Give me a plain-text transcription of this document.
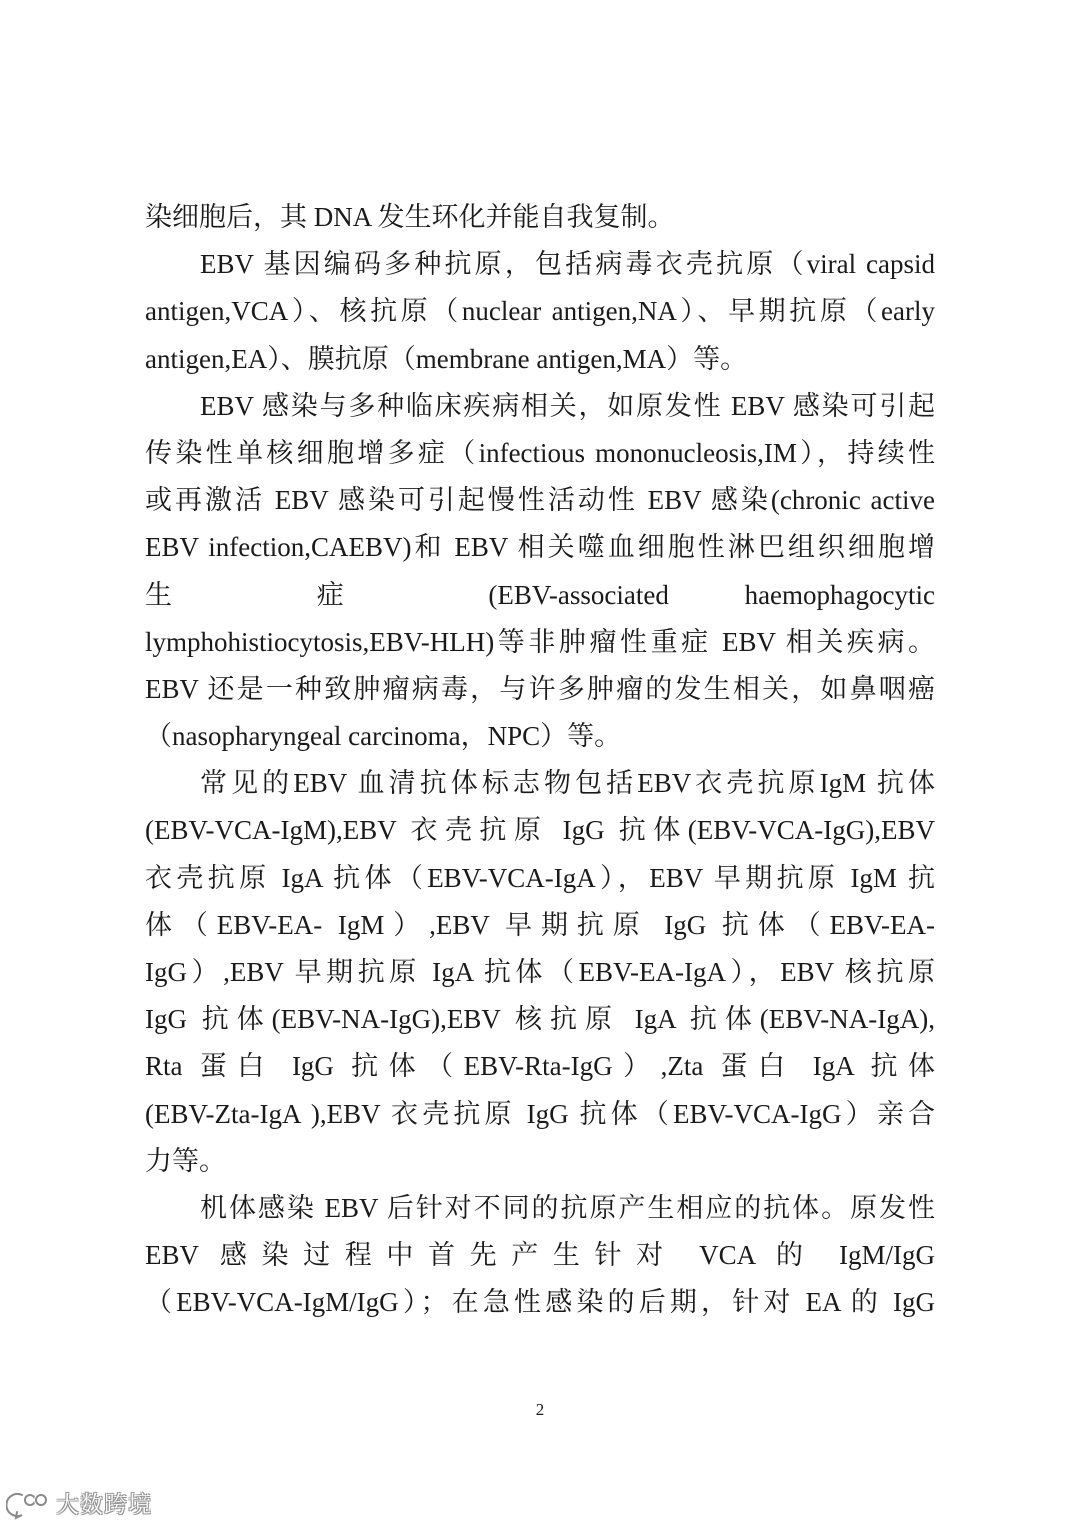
染细胞后，其 DNA 发生环化并能自我复制。
EBV 基因编码多种抗原，包括病毒衣壳抗原（viral capsid
antigen,VCA）、核抗原（nuclear antigen,NA）、早期抗原（early
antigen,EA）、膜抗原（membrane antigen,MA）等。
EBV 感染与多种临床疾病相关，如原发性 EBV 感染可引起
传染性单核细胞增多症（infectious mononucleosis,IM），持续性
或再激活 EBV 感染可引起慢性活动性 EBV 感染(chronic active
EBV infection,CAEBV)和 EBV 相关噬血细胞性淋巴组织细胞增
生 症 (EBV-associated haemophagocytic
lymphohistiocytosis,EBV-HLH)等非肿瘤性重症 EBV 相关疾病。
EBV 还是一种致肿瘤病毒，与许多肿瘤的发生相关，如鼻咽癌
（nasopharyngeal carcinoma，NPC）等。
常见的EBV 血清抗体标志物包括EBV衣壳抗原IgM 抗体
(EBV-VCA-IgM),EBV 衣壳抗原 IgG 抗体(EBV-VCA-IgG),EBV
衣壳抗原 IgA 抗体（EBV-VCA-IgA），EBV 早期抗原 IgM 抗
体（EBV-EA- IgM）,EBV 早期抗原 IgG 抗体（EBV-EA-
IgG）,EBV 早期抗原 IgA 抗体（EBV-EA-IgA），EBV 核抗原
IgG 抗体(EBV-NA-IgG),EBV 核抗原 IgA 抗体(EBV-NA-IgA),
Rta 蛋白 IgG 抗体（EBV-Rta-IgG）,Zta 蛋白 IgA 抗体
(EBV-Zta-IgA ),EBV 衣壳抗原 IgG 抗体（EBV-VCA-IgG）亲合
力等。
机体感染 EBV 后针对不同的抗原产生相应的抗体。原发性
EBV 感染过程中首先产生针对 VCA 的 IgM/IgG
（EBV-VCA-IgM/IgG）；在急性感染的后期，针对 EA 的 IgG
2
大数跨境
